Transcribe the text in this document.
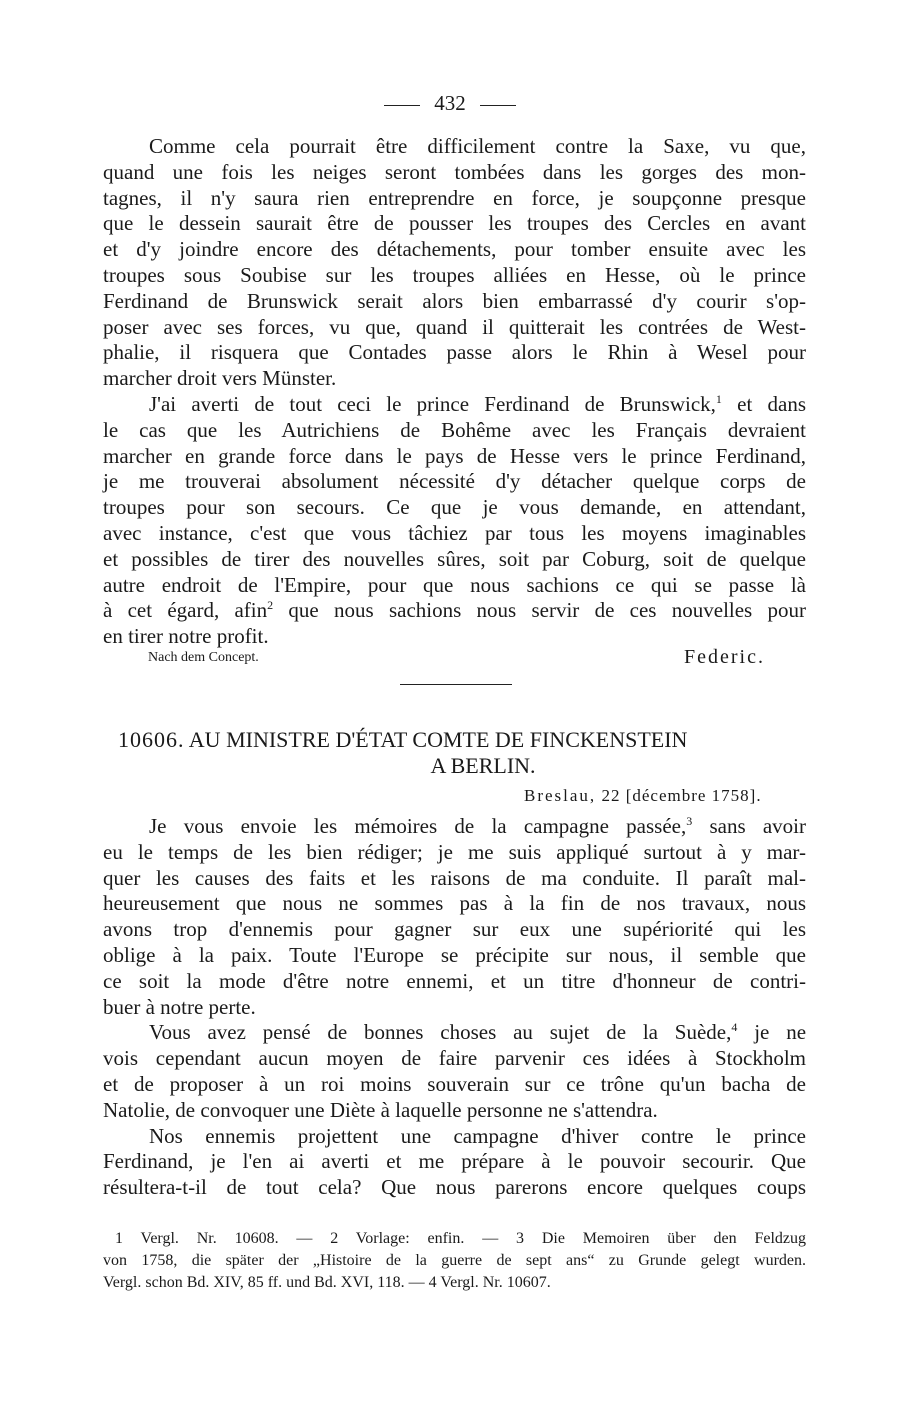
432

Comme cela pourrait être difficilement contre la Saxe, vu que,
quand une fois les neiges seront tombées dans les gorges des mon-
tagnes, il n'y saura rien entreprendre en force, je soupçonne presque
que le dessein saurait être de pousser les troupes des Cercles en avant
et d'y joindre encore des détachements, pour tomber ensuite avec les
troupes sous Soubise sur les troupes alliées en Hesse, où le prince
Ferdinand de Brunswick serait alors bien embarrassé d'y courir s'op-
poser avec ses forces, vu que, quand il quitterait les contrées de West-
phalie, il risquera que Contades passe alors le Rhin à Wesel pour
marcher droit vers Münster.

J'ai averti de tout ceci le prince Ferdinand de Brunswick,$^1$ et dans
le cas que les Autrichiens de Bohême avec les Français devraient
marcher en grande force dans le pays de Hesse vers le prince Ferdinand,
je me trouverai absolument nécessité d'y détacher quelque corps de
troupes pour son secours. Ce que je vous demande, en attendant,
avec instance, c'est que vous tâchiez par tous les moyens imaginables
et possibles de tirer des nouvelles sûres, soit par Coburg, soit de quelque
autre endroit de l'Empire, pour que nous sachions ce qui se passe là
à cet égard, afin$^2$ que nous sachions nous servir de ces nouvelles pour
en tirer notre profit.

Nach dem Concept.	Federic.
10606. AU MINISTRE D'ÉTAT COMTE DE FINCKENSTEIN
A BERLIN.
Breslau, 22 [décembre 1758].

Je vous envoie les mémoires de la campagne passée,$^3$ sans avoir
eu le temps de les bien rédiger; je me suis appliqué surtout à y mar-
quer les causes des faits et les raisons de ma conduite. Il paraît mal-
heureusement que nous ne sommes pas à la fin de nos travaux, nous
avons trop d'ennemis pour gagner sur eux une supériorité qui les
oblige à la paix. Toute l'Europe se précipite sur nous, il semble que
ce soit la mode d'être notre ennemi, et un titre d'honneur de contri-
buer à notre perte.

Vous avez pensé de bonnes choses au sujet de la Suède,$^4$ je ne
vois cependant aucun moyen de faire parvenir ces idées à Stockholm
et de proposer à un roi moins souverain sur ce trône qu'un bacha de
Natolie, de convoquer une Diète à laquelle personne ne s'attendra.

Nos ennemis projettent une campagne d'hiver contre le prince
Ferdinand, je l'en ai averti et me prépare à le pouvoir secourir. Que
résultera-t-il de tout cela? Que nous parerons encore quelques coups

1 Vergl. Nr. 10608. — 2 Vorlage: enfin. — 3 Die Memoiren über den Feldzug
von 1758, die später der „Histoire de la guerre de sept ans“ zu Grunde gelegt wurden.
Vergl. schon Bd. XIV, 85 ff. und Bd. XVI, 118. — 4 Vergl. Nr. 10607.
